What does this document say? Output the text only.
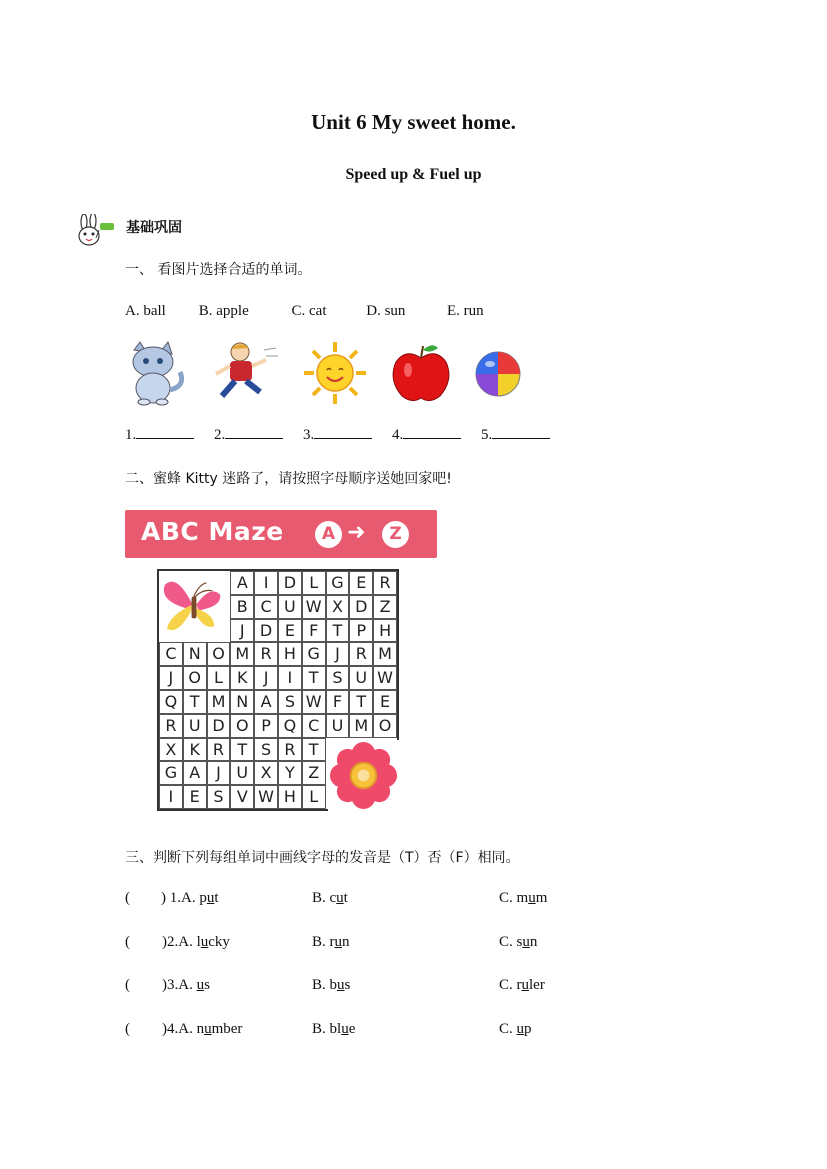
Unit 6 My sweet home.
Speed up & Fuel up
基础巩固
一、 看图片选择合适的单词。
A. ball B. apple	C. cat	D. sun	E. run
1.	2.	3.	4.	5.
二、蜜蜂 Kitty 迷路了，请按照字母顺序送她回家吧!
ABC Maze	A ➜	Z
A I D L G E R
B C U W X D Z
J D E F T P H
C N O M R H G J R M
J O L K	J	I	T S U W
Q T M N A S W F T E
R U D O P Q C U M O
X K R T S R T
G A J U X Y Z
I	E S V W H L
三、判断下列每组单词中画线字母的发音是（T）否（F）相同。
( ) 1.A. put	B. cut	C. mum
( )2.A. lucky	B. run	C. sun
( )3.A. us	B. bus	C. ruler
( )4.A. number	B. blue	C. up
